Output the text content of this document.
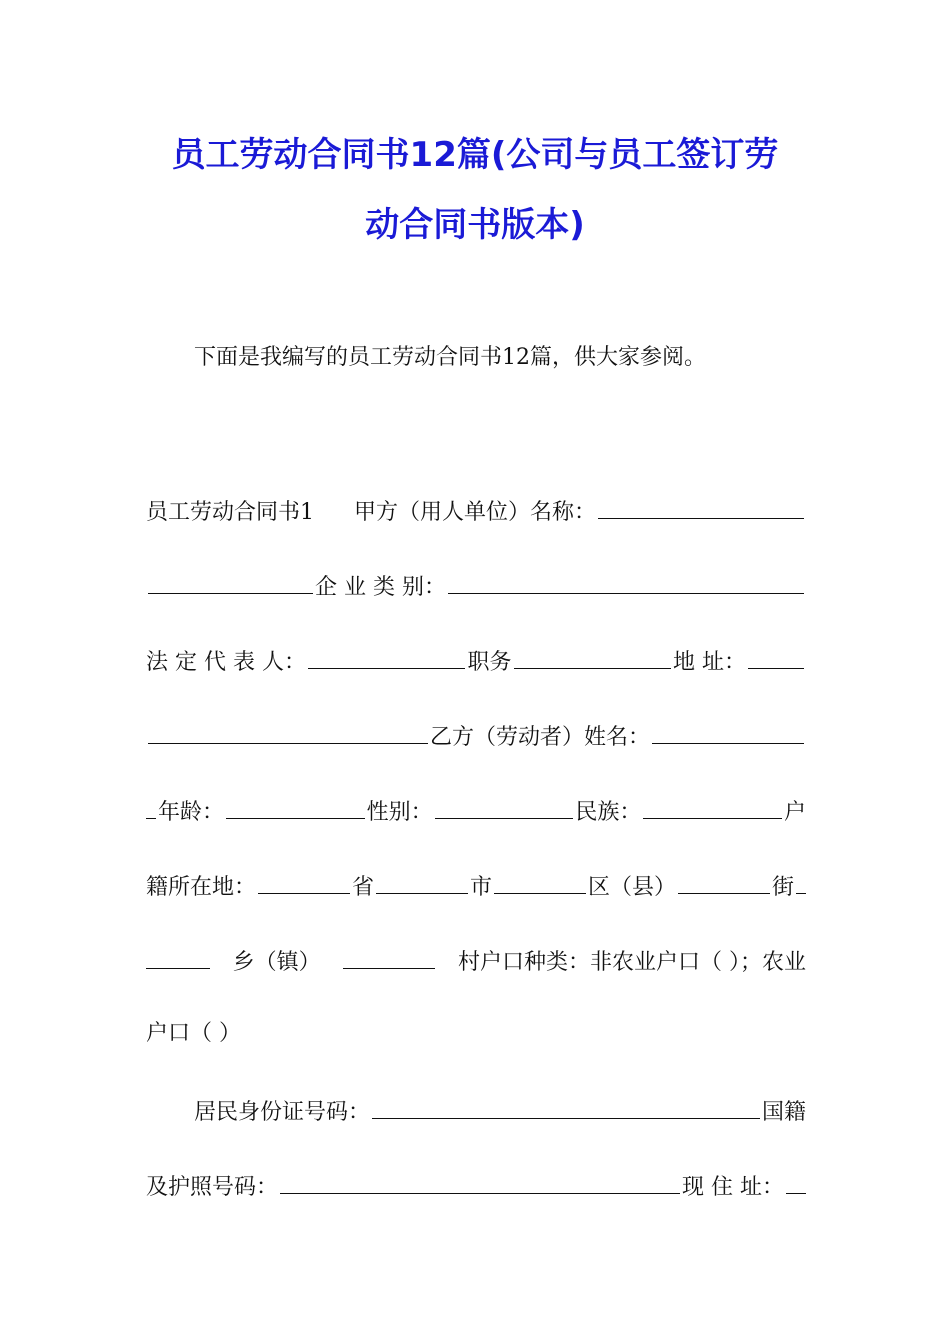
员工劳动合同书12篇(公司与员工签订劳
动合同书版本)
下面是我编写的员工劳动合同书12篇，供大家参阅。
员工劳动合同书1 甲方（用人单位）名称：
企 业 类 别：
法 定 代 表 人：	职务	地 址：
乙方（劳动者）姓名：
年龄：	性别：	民族：	户
籍所在地：	省	市	区（县）	街
乡（镇）	村户口种类：非农业户口（ ）；农业
户口（ ）
居民身份证号码：	国籍
及护照号码：	现 住 址：
